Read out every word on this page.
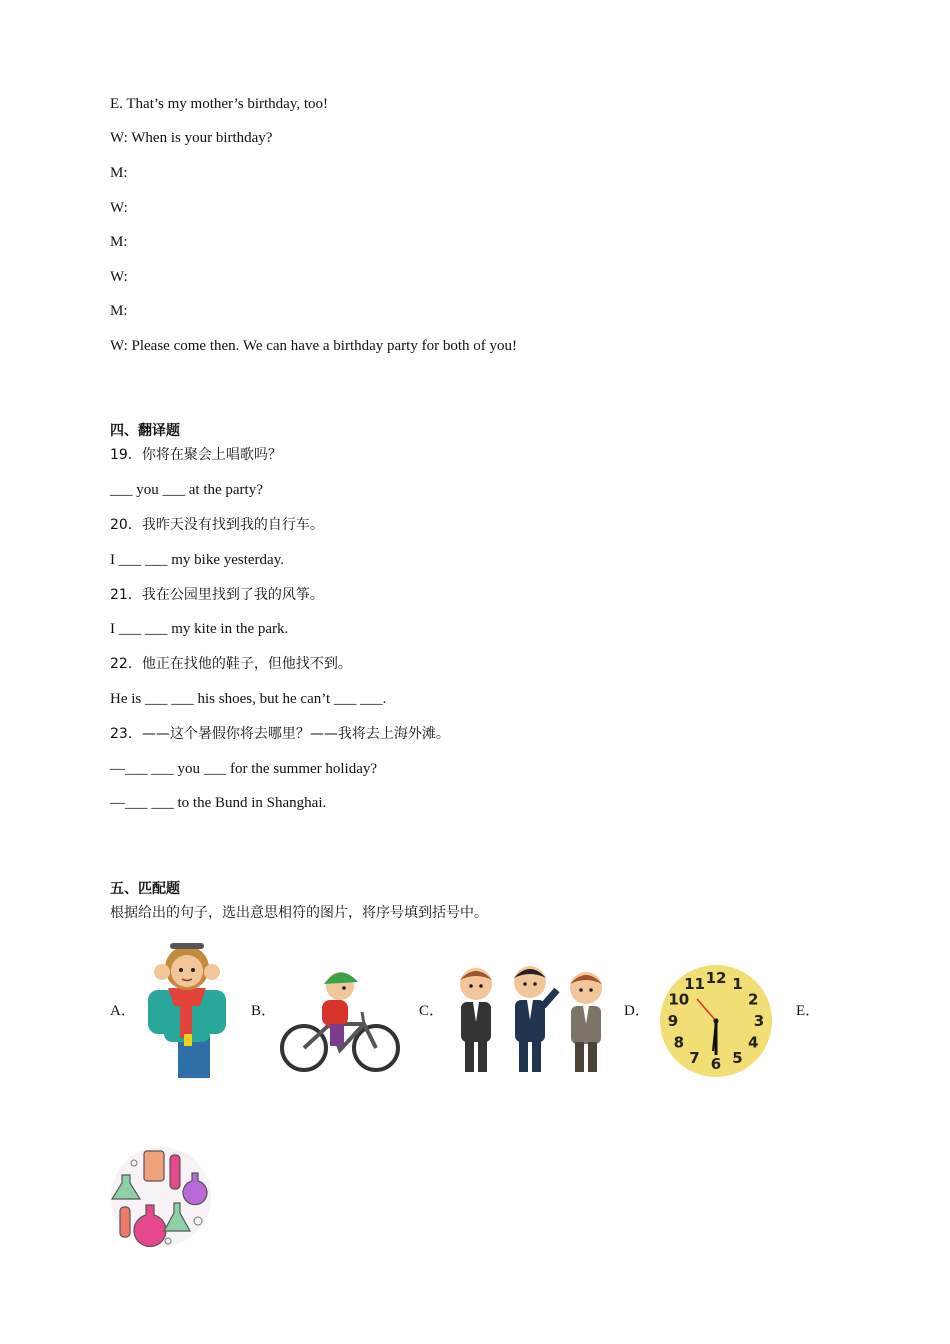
E. That’s my mother’s birthday, too!
W: When is your birthday?
M:
W:
M:
W:
M:
W: Please come then. We can have a birthday party for both of you!
四、翻译题
19．你将在聚会上唱歌吗？
___ you ___ at the party?
20．我昨天没有找到我的自行车。
I ___ ___ my bike yesterday.
21．我在公园里找到了我的风筝。
I ___ ___ my kite in the park.
22．他正在找他的鞋子，但他找不到。
He is ___ ___ his shoes, but he can’t ___ ___.
23．——这个暑假你将去哪里？——我将去上海外滩。
—___ ___ you ___ for the summer holiday?
—___ ___ to the Bund in Shanghai.
五、匹配题
根据给出的句子，选出意思相符的图片，将序号填到括号中。
A．	B．	C．	D．	E．
12 1
2
3
4
5
6
7
8
9
10
11
